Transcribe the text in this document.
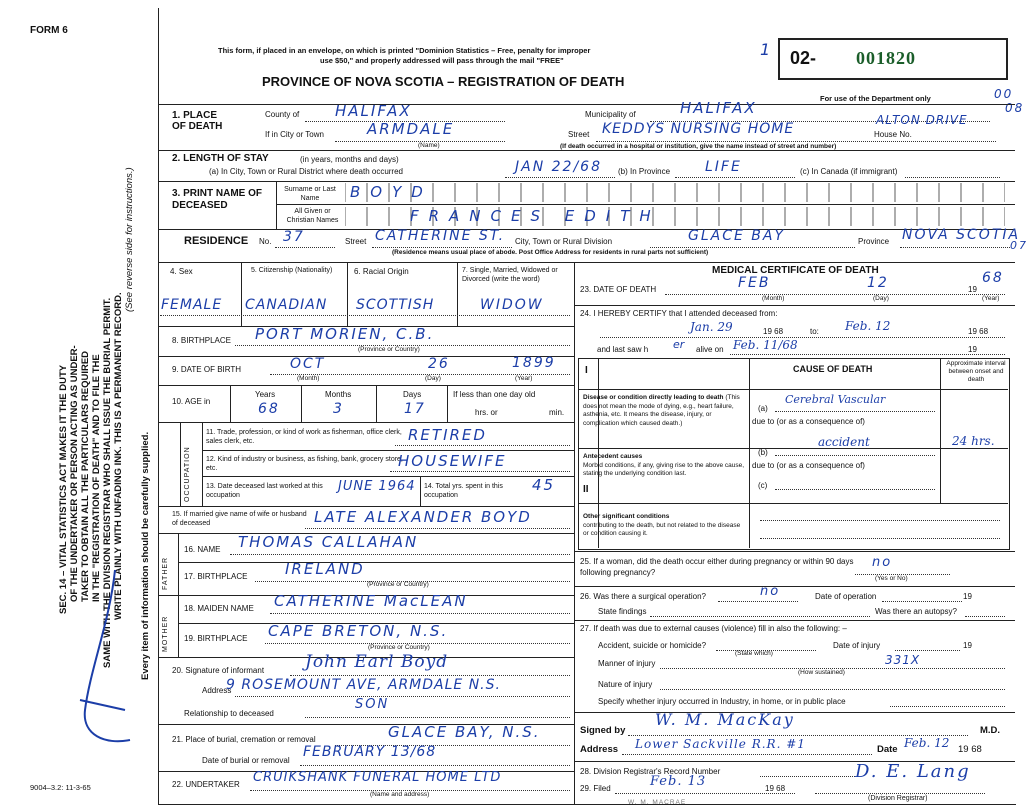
FORM 6
SEC. 14 – VITAL STATISTICS ACT MAKES IT THE DUTY OF THE UNDERTAKER OR PERSON ACTING AS UNDER- TAKER TO OBTAIN ALL THE PARTICULARS REQUIRED IN THE "REGISTRATION OF DEATH" AND TO FILE THE SAME WITH THE DIVISION REGISTRAR WHO SHALL ISSUE THE BURIAL PERMIT. WRITE PLAINLY WITH UNFADING INK. THIS IS A PERMANENT RECORD.
(See reverse side for instructions.)
Every item of information should be carefully supplied.
This form, if placed in an envelope, on which is printed "Dominion Statistics – Free, penalty for improper
use $50," and properly addressed will pass through the mail "FREE"
PROVINCE OF NOVA SCOTIA – REGISTRATION OF DEATH
02- 001820
For use of the Department only	00
08
07
1
1. PLACE OF DEATH
County of HALIFAX	Municipality of	HALIFAX
If in City or Town	ARMDALE
(Name)
Street KEDDYS NURSING HOME	House No.
ALTON DRIVE
(If death occurred in a hospital or institution, give the name instead of street and number)
2. LENGTH OF STAY	(in years, months and days)
(a) In City, Town or Rural District where death occurred	JAN 22/68 (b) In Province LIFE	(c) In Canada (if immigrant)
3. PRINT NAME OF DECEASED
Surname or Last Name
All Given or Christian Names
BOYD
FRANCES EDITH
RESIDENCE No. 37	Street CATHERINE ST. City, Town or Rural Division	GLACE BAY	Province NOVA SCOTIA
(Residence means usual place of abode. Post Office Address for residents in rural parts not sufficient)
4. Sex	5. Citizenship (Nationality)	6. Racial Origin	7. Single, Married, Widowed or Divorced (write the word)
FEMALE CANADIAN SCOTTISH	WIDOW
8. BIRTHPLACE PORT MORIEN, C.B.
(Province or Country)
9. DATE OF BIRTH	OCT	26	1899
(Month)	(Day)	(Year)
10. AGE in
Years	Months	Days	If less than one day old
68	3	17	hrs. or	min.
OCCUPATION
11. Trade, profession, or kind of work as fisherman, office clerk, sales clerk, etc.	RETIRED
12. Kind of industry or business, as fishing, bank, grocery store, etc.	HOUSEWIFE
13. Date deceased last worked at this occupation
JUNE 1964 14. Total yrs. spent in this occupation
45
15. If married give name of wife or husband of deceased	LATE ALEXANDER BOYD
FATHER
16. NAME THOMAS CALLAHAN
17. BIRTHPLACE	IRELAND
(Province or Country)
MOTHER
18. MAIDEN NAME CATHERINE MacLEAN
19. BIRTHPLACE CAPE BRETON, N.S.
(Province or Country)
20. Signature of informant John Earl Boyd
Address
9 ROSEMOUNT AVE, ARMDALE N.S.
SON
Relationship to deceased
21. Place of burial, cremation or removal	GLACE BAY, N.S.
Date of burial or removal
FEBRUARY 13/68
22. UNDERTAKER CRUIKSHANK FUNERAL HOME LTD
(Name and address)
9004–3.2: 11-3-65
MEDICAL CERTIFICATE OF DEATH
23. DATE OF DEATH	FEB	12	19
68
(Month)	(Day)	(Year)
24. I HEREBY CERTIFY that I attended deceased from:
Jan. 29	19 68	to: Feb. 12	19 68
and last saw h er alive on Feb. 11/68	19
CAUSE OF DEATH
Approximate interval between onset and death
I
Disease or condition directly leading to death (This does not mean the mode of dying, e.g., heart failure, asthenia, etc. It means the disease, injury, or complication which caused death.)
(a)
Cerebral Vascular
due to (or as a consequence of)
Antecedent causes
Morbid conditions, if any, giving rise to the above cause, stating the underlying condition last.
(b)
accident	24 hrs.
due to (or as a consequence of)
(c)
II
Other significant conditions
contributing to the death, but not related to the disease or condition causing it.
25. If a woman, did the death occur either during pregnancy or within 90 days following pregnancy?
no
(Yes or No)
26. Was there a surgical operation?	no	Date of operation	19
State findings	Was there an autopsy?
27. If death was due to external causes (violence) fill in also the following: –
Accident, suicide or homicide?
(State which)
Date of injury	19
Manner of injury	331X
(How sustained)
Nature of injury
Specify whether injury occurred in Industry, in home, or in public place
Signed by
W. M. MacKay
M.D.
Address Lower Sackville R.R. #1	Date Feb. 12 19 68
28. Division Registrar's Record Number
29. Filed	Feb. 13	19 68
W. M. MACRAE
D. E. Lang
(Division Registrar)
